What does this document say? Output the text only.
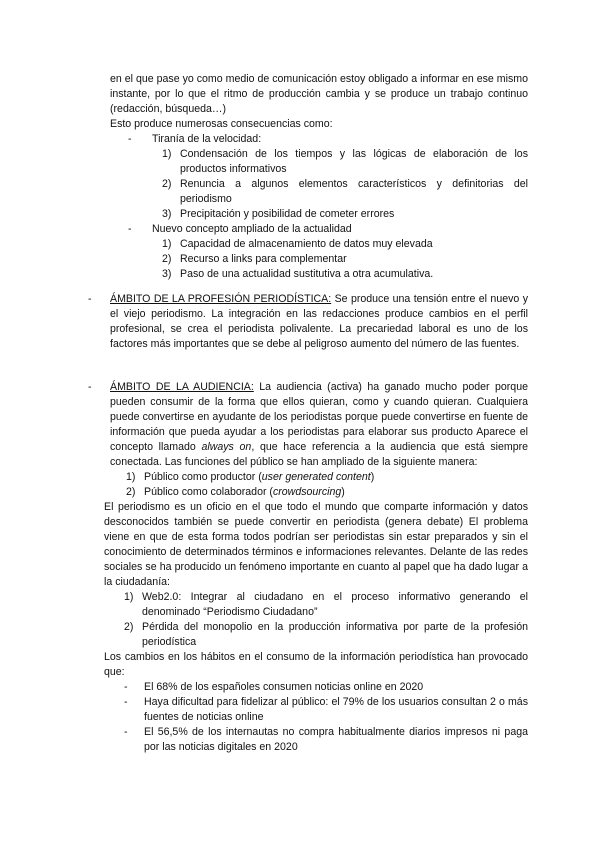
en el que pase yo como medio de comunicación estoy obligado a informar en ese mismo instante, por lo que el ritmo de producción cambia y se produce un trabajo continuo (redacción, búsqueda…)

Esto produce numerosas consecuencias como:

-	Tiranía de la velocidad:
1) Condensación de los tiempos y las lógicas de elaboración de los productos informativos
2) Renuncia a algunos elementos característicos y definitorias del periodismo
3) Precipitación y posibilidad de cometer errores
-	Nuevo concepto ampliado de la actualidad
1) Capacidad de almacenamiento de datos muy elevada
2) Recurso a links para complementar
3) Paso de una actualidad sustitutiva a otra acumulativa.
-	ÁMBITO DE LA PROFESIÓN PERIODÍSTICA: Se produce una tensión entre el nuevo y el viejo periodismo. La integración en las redacciones produce cambios en el perfil profesional, se crea el periodista polivalente. La precariedad laboral es uno de los factores más importantes que se debe al peligroso aumento del número de las fuentes.

-	ÁMBITO DE LA AUDIENCIA: La audiencia (activa) ha ganado mucho poder porque pueden consumir de la forma que ellos quieran, como y cuando quieran. Cualquiera puede convertirse en ayudante de los periodistas porque puede convertirse en fuente de información que pueda ayudar a los periodistas para elaborar sus producto Aparece el concepto llamado always on, que hace referencia a la audiencia que está siempre conectada. Las funciones del público se han ampliado de la siguiente manera:

1) Público como productor (user generated content)
2) Público como colaborador (crowdsourcing)

El periodismo es un oficio en el que todo el mundo que comparte información y datos desconocidos también se puede convertir en periodista (genera debate) El problema viene en que de esta forma todos podrían ser periodistas sin estar preparados y sin el conocimiento de determinados términos e informaciones relevantes. Delante de las redes sociales se ha producido un fenómeno importante en cuanto al papel que ha dado lugar a la ciudadanía:

1) Web2.0: Integrar al ciudadano en el proceso informativo generando el denominado “Periodismo Ciudadano”
2) Pérdida del monopolio en la producción informativa por parte de la profesión periodística

Los cambios en los hábitos en el consumo de la información periodística han provocado que:

-	El 68% de los españoles consumen noticias online en 2020
-	Haya dificultad para fidelizar al público: el 79% de los usuarios consultan 2 o más fuentes de noticias online
-	El 56,5% de los internautas no compra habitualmente diarios impresos ni paga por las noticias digitales en 2020
